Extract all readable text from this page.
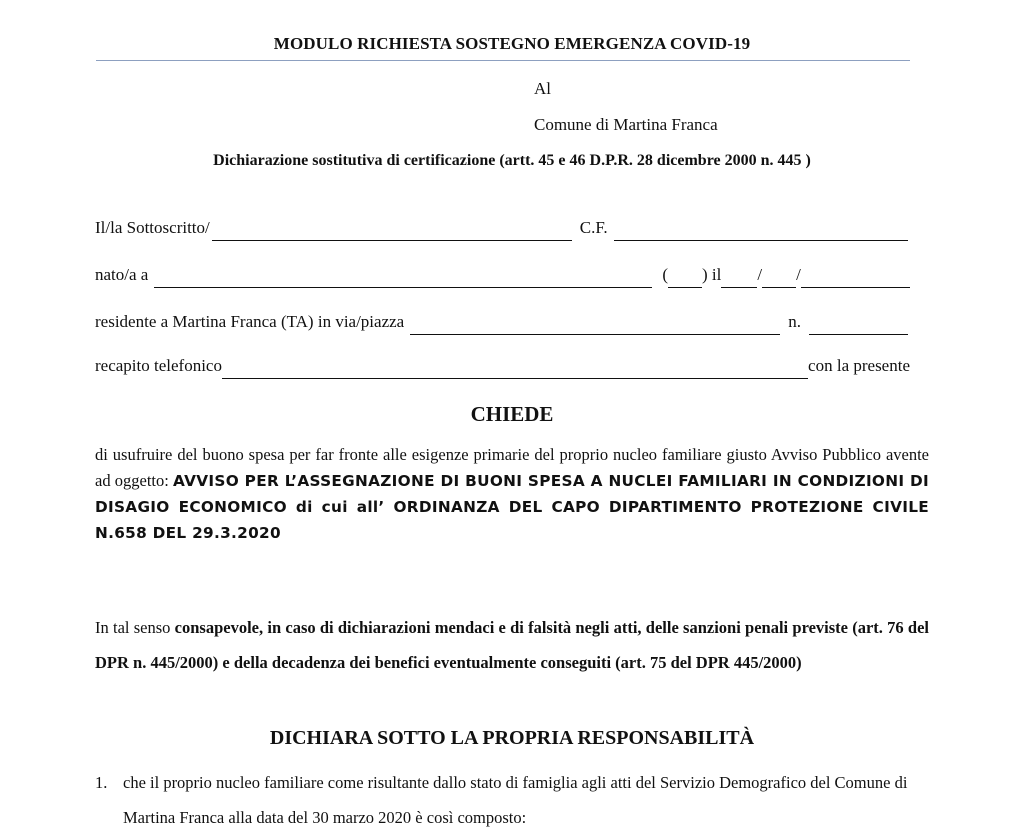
MODULO RICHIESTA SOSTEGNO EMERGENZA COVID-19
Al
Comune di Martina Franca
Dichiarazione sostitutiva di certificazione (artt. 45 e 46 D.P.R. 28 dicembre 2000 n. 445 )
Il/la Sottoscritto/	C.F.
nato/a a	( ) il / /
residente a Martina Franca (TA) in via/piazza	n.
recapito telefonico	con la presente
CHIEDE
di usufruire del buono spesa per far fronte alle esigenze primarie del proprio nucleo familiare giusto Avviso Pubblico avente ad oggetto: AVVISO PER L’ASSEGNAZIONE DI BUONI SPESA A NUCLEI FAMILIARI IN CONDIZIONI DI DISAGIO ECONOMICO di cui all’ ORDINANZA DEL CAPO DIPARTIMENTO PROTEZIONE CIVILE N.658 DEL 29.3.2020
In tal senso consapevole, in caso di dichiarazioni mendaci e di falsità negli atti, delle sanzioni penali previste (art. 76 del DPR n. 445/2000) e della decadenza dei benefici eventualmente conseguiti (art. 75 del DPR 445/2000)
DICHIARA SOTTO LA PROPRIA RESPONSABILITÀ
1. che il proprio nucleo familiare come risultante dallo stato di famiglia agli atti del Servizio Demografico del Comune di Martina Franca alla data del 30 marzo 2020 è così composto:
